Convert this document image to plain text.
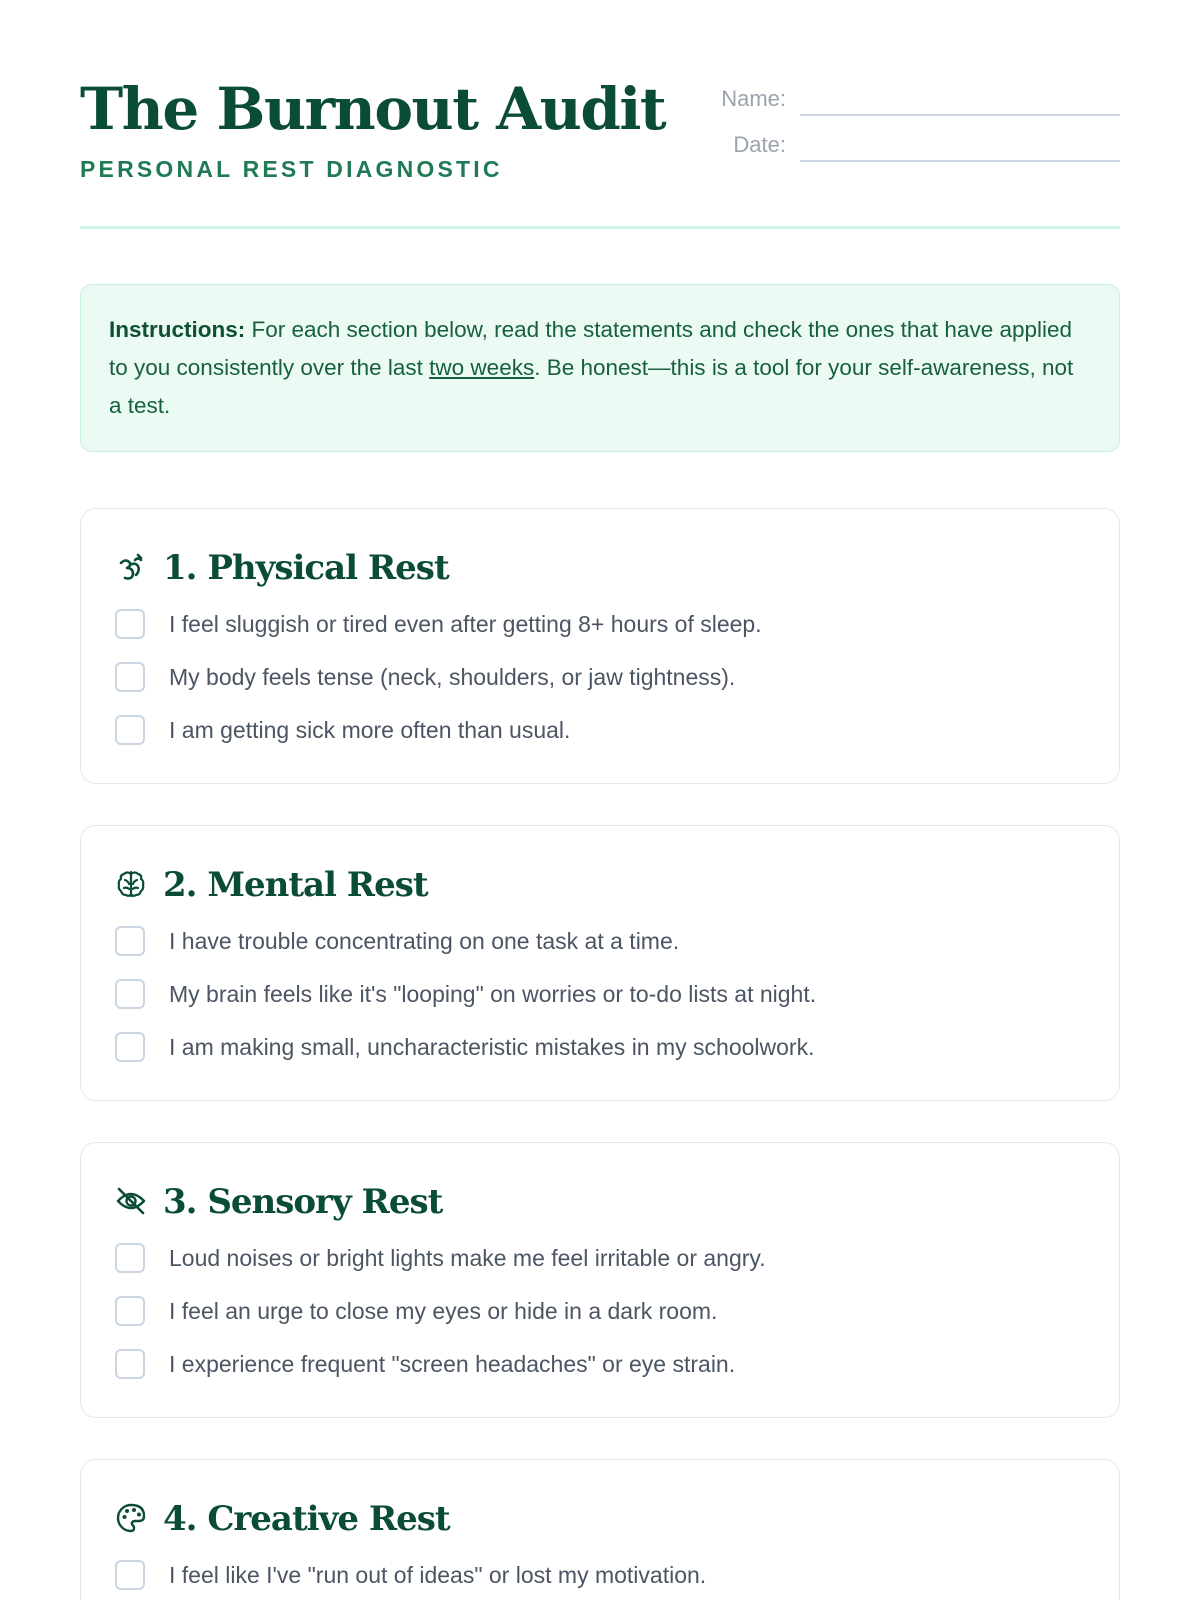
The Burnout Audit
PERSONAL REST DIAGNOSTIC
Name:
Date:
Instructions: For each section below, read the statements and check the ones that have applied to you consistently over the last two weeks. Be honest—this is a tool for your self-awareness, not a test.
1. Physical Rest
I feel sluggish or tired even after getting 8+ hours of sleep.
My body feels tense (neck, shoulders, or jaw tightness).
I am getting sick more often than usual.
2. Mental Rest
I have trouble concentrating on one task at a time.
My brain feels like it's "looping" on worries or to-do lists at night.
I am making small, uncharacteristic mistakes in my schoolwork.
3. Sensory Rest
Loud noises or bright lights make me feel irritable or angry.
I feel an urge to close my eyes or hide in a dark room.
I experience frequent "screen headaches" or eye strain.
4. Creative Rest
I feel like I've "run out of ideas" or lost my motivation.
